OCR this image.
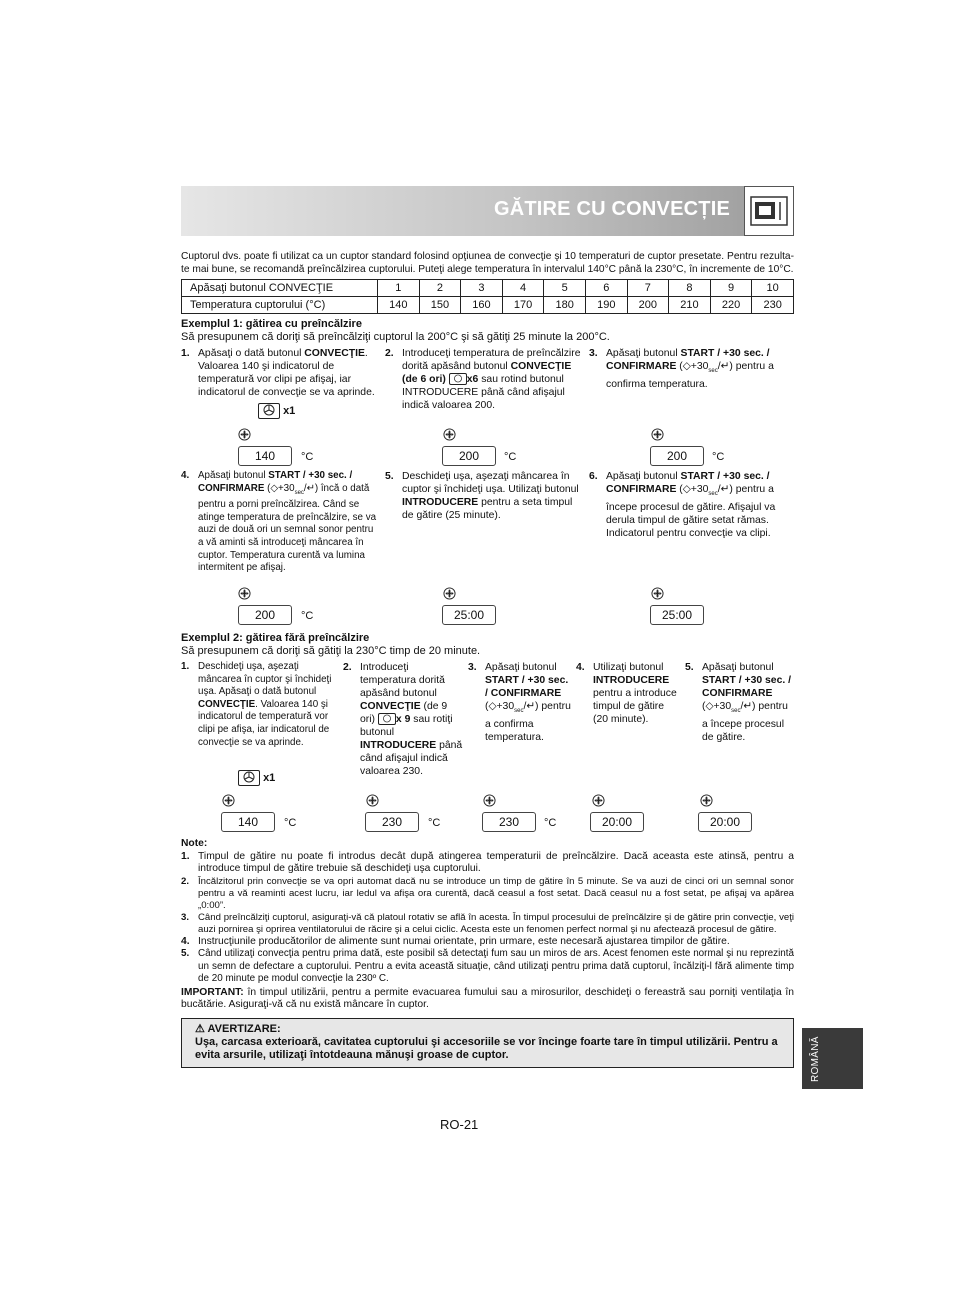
GĂTIRE CU CONVECȚIE
Cuptorul dvs. poate fi utilizat ca un cuptor standard folosind opţiunea de convecţie şi 10 temperaturi de cuptor presetate. Pentru rezultate mai bune, se recomandă preîncălzirea cuptorului. Puteţi alege temperatura în intervalul 140°C până la 230°C, în incremente de 10°C.
Apăsaţi butonul CONVECŢIE	1	2	3	4	5	6	7	8	9	10
Temperatura cuptorului (°C)	140	150	160	170	180	190	200	210	220	230
Exemplul 1: gătirea cu preîncălzire
Să presupunem că doriţi să preîncălziţi cuptorul la 200°C şi să gătiţi 25 minute la 200°C.
1. Apăsaţi o dată butonul CONVECŢIE. Valoarea 140 şi indicatorul de temperatură vor clipi pe afişaj, iar indicatorul de convecţie se va aprinde.
x1
2. Introduceţi temperatura de preîncălzire dorită apăsând butonul CONVECŢIE (de 6 ori) x6 sau rotind butonul INTRODUCERE până când afişajul indică valoarea 200.
3. Apăsaţi butonul START / +30 sec. / CONFIRMARE $(◇+30_{sec}/↵)$ pentru a confirma temperatura.
140	°C	200	°C	200	°C
4. Apăsaţi butonul START / +30 sec. / CONFIRMARE $(◇+30_{sec}/↵)$ încă o dată pentru a porni preîncălzirea. Când se atinge temperatura de preîncălzire, se va auzi de două ori un semnal sonor pentru a vă aminti să introduceţi mâncarea în cuptor. Temperatura curentă va lumina intermitent pe afişaj.
5. Deschideţi uşa, aşezaţi mâncarea în cuptor şi închideţi uşa. Utilizaţi butonul INTRODUCERE pentru a seta timpul de gătire (25 minute).
6. Apăsaţi butonul START / +30 sec. / CONFIRMARE $(◇+30_{sec}/↵)$ pentru a începe procesul de gătire. Afişajul va derula timpul de gătire setat rămas. Indicatorul pentru convecţie va clipi.
200	°C	25:00	25:00
Exemplul 2: gătirea fără preîncălzire
Să presupunem că doriţi să gătiţi la 230°C timp de 20 minute.
1. Deschideţi uşa, aşezaţi mâncarea în cuptor şi închideţi uşa. Apăsaţi o dată butonul CONVECŢIE. Valoarea 140 şi indicatorul de temperatură vor clipi pe afişa, iar indicatorul de convecţie se va aprinde.
x1
2. Introduceţi temperatura dorită apăsând butonul CONVECŢIE (de 9 ori) x 9 sau rotiţi butonul INTRODUCERE până când afişajul indică valoarea 230.
3. Apăsaţi butonul START / +30 sec. / CONFIRMARE $(◇+30_{sec}/↵)$ pentru a confirma temperatura.
4. Utilizaţi butonul INTRODUCERE pentru a introduce timpul de gătire (20 minute).
5. Apăsaţi butonul START / +30 sec. / CONFIRMARE $(◇+30_{sec}/↵)$ pentru a începe procesul de gătire.
140	°C	230	°C	230	°C	20:00	20:00
Note:
1. Timpul de gătire nu poate fi introdus decât după atingerea temperaturii de preîncălzire. Dacă aceasta este atinsă, pentru a introduce timpul de gătire trebuie să deschideţi uşa cuptorului.
2. Încălzitorul prin convecţie se va opri automat dacă nu se introduce un timp de gătire în 5 minute. Se va auzi de cinci ori un semnal sonor pentru a vă reaminti acest lucru, iar ledul va afişa ora curentă, dacă ceasul a fost setat. Dacă ceasul nu a fost setat, pe afişaj va apărea „0:00”.
3. Când preîncălziţi cuptorul, asiguraţi-vă că platoul rotativ se află în acesta. În timpul procesului de preîncălzire şi de gătire prin convecţie, veţi auzi pornirea şi oprirea ventilatorului de răcire şi a celui ciclic. Acesta este un fenomen perfect normal şi nu afectează procesul de gătire.
4. Instrucţiunile producătorilor de alimente sunt numai orientate, prin urmare, este necesară ajustarea timpilor de gătire.
5. Când utilizaţi convecţia pentru prima dată, este posibil să detectaţi fum sau un miros de ars. Acest fenomen este normal şi nu reprezintă un semn de defectare a cuptorului. Pentru a evita această situaţie, când utilizaţi pentru prima dată cuptorul, încălziţi-l fără alimente timp de 20 minute pe modul convecţie la 230º C.
IMPORTANT: în timpul utilizării, pentru a permite evacuarea fumului sau a mirosurilor, deschideţi o fereastră sau porniţi ventilaţia în bucătărie. Asiguraţi-vă că nu există mâncare în cuptor.
⚠ AVERTIZARE:
Uşa, carcasa exterioară, cavitatea cuptorului şi accesoriile se vor încinge foarte tare în timpul utilizării. Pentru a evita arsurile, utilizaţi întotdeauna mănuşi groase de cuptor.	ROMÂNĂ
RO-21
